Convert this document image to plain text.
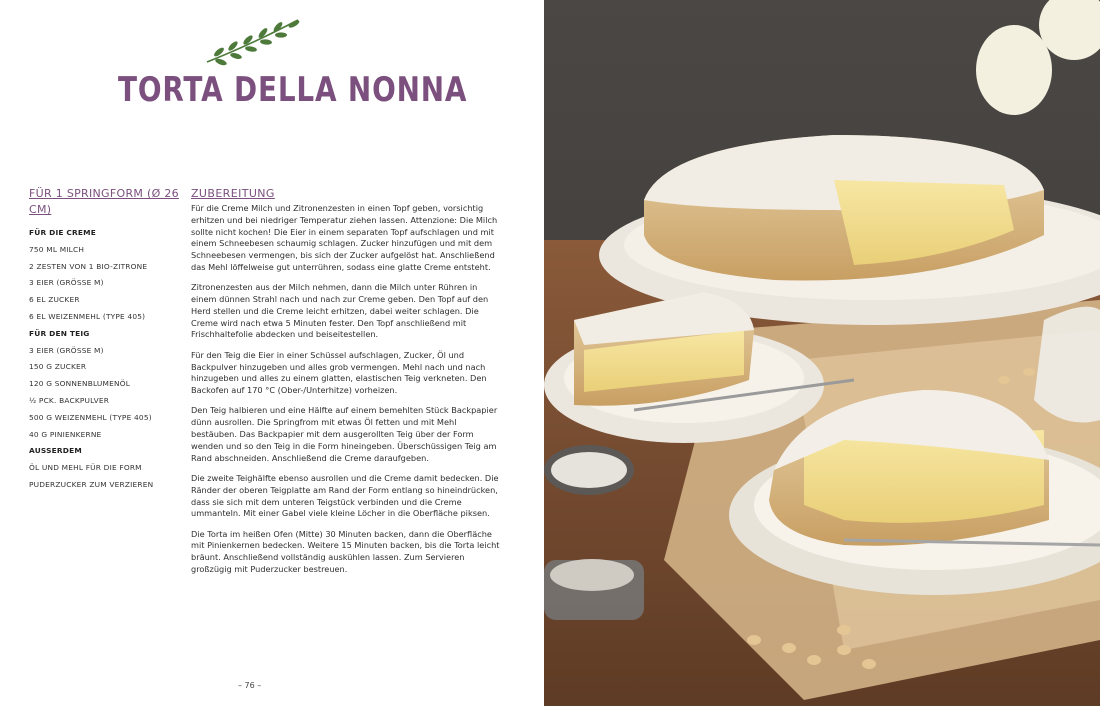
TORTA DELLA NONNA
FÜR 1 SPRINGFORM (Ø 26 CM)
FÜR DIE CREME
750 ML MILCH
2 ZESTEN VON 1 BIO-ZITRONE
3 EIER (GRÖSSE M)
6 EL ZUCKER
6 EL WEIZENMEHL (TYPE 405)
FÜR DEN TEIG
3 EIER (GRÖSSE M)
150 G ZUCKER
120 G SONNENBLUMENÖL
½ PCK. BACKPULVER
500 G WEIZENMEHL (TYPE 405)
40 G PINIENKERNE
AUSSERDEM
ÖL UND MEHL FÜR DIE FORM
PUDERZUCKER ZUM VERZIEREN
ZUBEREITUNG

Für die Creme Milch und Zitronenzesten in einen Topf geben, vorsichtig erhitzen und bei niedriger Temperatur ziehen lassen. Attenzione: Die Milch sollte nicht kochen! Die Eier in einem separaten Topf aufschlagen und mit einem Schneebesen schaumig schlagen. Zucker hinzufügen und mit dem Schneebesen vermengen, bis sich der Zucker aufgelöst hat. Anschließend das Mehl löffelweise gut unterrühren, sodass eine glatte Creme entsteht.

Zitronenzesten aus der Milch nehmen, dann die Milch unter Rühren in einem dünnen Strahl nach und nach zur Creme geben. Den Topf auf den Herd stellen und die Creme leicht erhitzen, dabei weiter schlagen. Die Creme wird nach etwa 5 Minuten fester. Den Topf anschließend mit Frischhaltefolie abdecken und beiseitestellen.

Für den Teig die Eier in einer Schüssel aufschlagen, Zucker, Öl und Backpulver hinzugeben und alles grob vermengen. Mehl nach und nach hinzugeben und alles zu einem glatten, elastischen Teig verkneten. Den Backofen auf 170 °C (Ober-/Unterhitze) vorheizen.

Den Teig halbieren und eine Hälfte auf einem bemehlten Stück Backpapier dünn ausrollen. Die Springfrom mit etwas Öl fetten und mit Mehl bestäuben. Das Backpapier mit dem ausgerollten Teig über der Form wenden und so den Teig in die Form hineingeben. Überschüssigen Teig am Rand abschneiden. Anschließend die Creme daraufgeben.

Die zweite Teighälfte ebenso ausrollen und die Creme damit bedecken. Die Ränder der oberen Teigplatte am Rand der Form entlang so hineindrücken, dass sie sich mit dem unteren Teigstück verbinden und die Creme ummanteln. Mit einer Gabel viele kleine Löcher in die Oberfläche piksen.

Die Torta im heißen Ofen (Mitte) 30 Minuten backen, dann die Oberfläche mit Pinienkernen bedecken. Weitere 15 Minuten backen, bis die Torta leicht bräunt. Anschließend vollständig auskühlen lassen. Zum Servieren großzügig mit Puderzucker bestreuen.

– 76 –
